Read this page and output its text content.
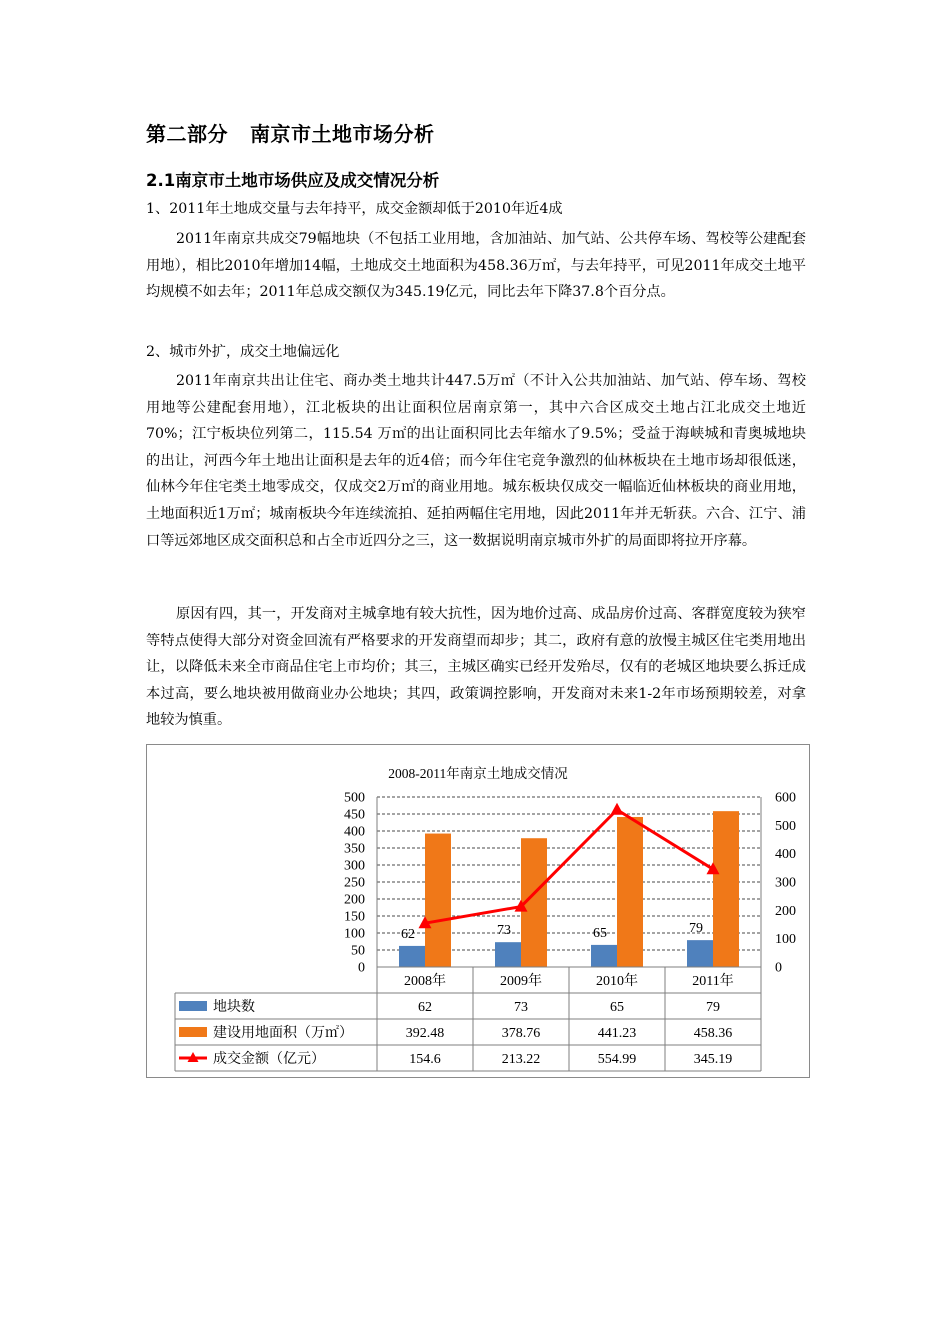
第二部分 南京市土地市场分析
2.1南京市土地市场供应及成交情况分析

1、2011年土地成交量与去年持平，成交金额却低于2010年近4成

2011年南京共成交79幅地块（不包括工业用地，含加油站、加气站、公共停车场、驾校等公建配套用地），相比2010年增加14幅，土地成交土地面积为458.36万㎡，与去年持平，可见2011年成交土地平均规模不如去年；2011年总成交额仅为345.19亿元，同比去年下降37.8个百分点。

2、城市外扩，成交土地偏远化

2011年南京共出让住宅、商办类土地共计447.5万㎡（不计入公共加油站、加气站、停车场、驾校用地等公建配套用地），江北板块的出让面积位居南京第一，其中六合区成交土地占江北成交土地近 70%；江宁板块位列第二，115.54 万㎡的出让面积同比去年缩水了9.5%；受益于海峡城和青奥城地块的出让，河西今年土地出让面积是去年的近4倍；而今年住宅竞争激烈的仙林板块在土地市场却很低迷，仙林今年住宅类土地零成交，仅成交2万㎡的商业用地。城东板块仅成交一幅临近仙林板块的商业用地，土地面积近1万㎡；城南板块今年连续流拍、延拍两幅住宅用地，因此2011年并无斩获。六合、江宁、浦口等远郊地区成交面积总和占全市近四分之三，这一数据说明南京城市外扩的局面即将拉开序幕。

原因有四，其一，开发商对主城拿地有较大抗性，因为地价过高、成品房价过高、客群宽度较为狭窄等特点使得大部分对资金回流有严格要求的开发商望而却步；其二，政府有意的放慢主城区住宅类用地出让，以降低未来全市商品住宅上市均价；其三，主城区确实已经开发殆尽，仅有的老城区地块要么拆迁成本过高，要么地块被用做商业办公地块；其四，政策调控影响，开发商对未来1-2年市场预期较差，对拿地较为慎重。

2008-2011年南京土地成交情况
0
50
100
150
200
250
300
350
400
450
500
0
100
200
300
400
500
600
62	73	65	79
2008年	2009年	2010年	2011年
地块数	62	73	65	79
建设用地面积（万㎡）	392.48	378.76	441.23	458.36
成交金额（亿元）	154.6	213.22	554.99	345.19
